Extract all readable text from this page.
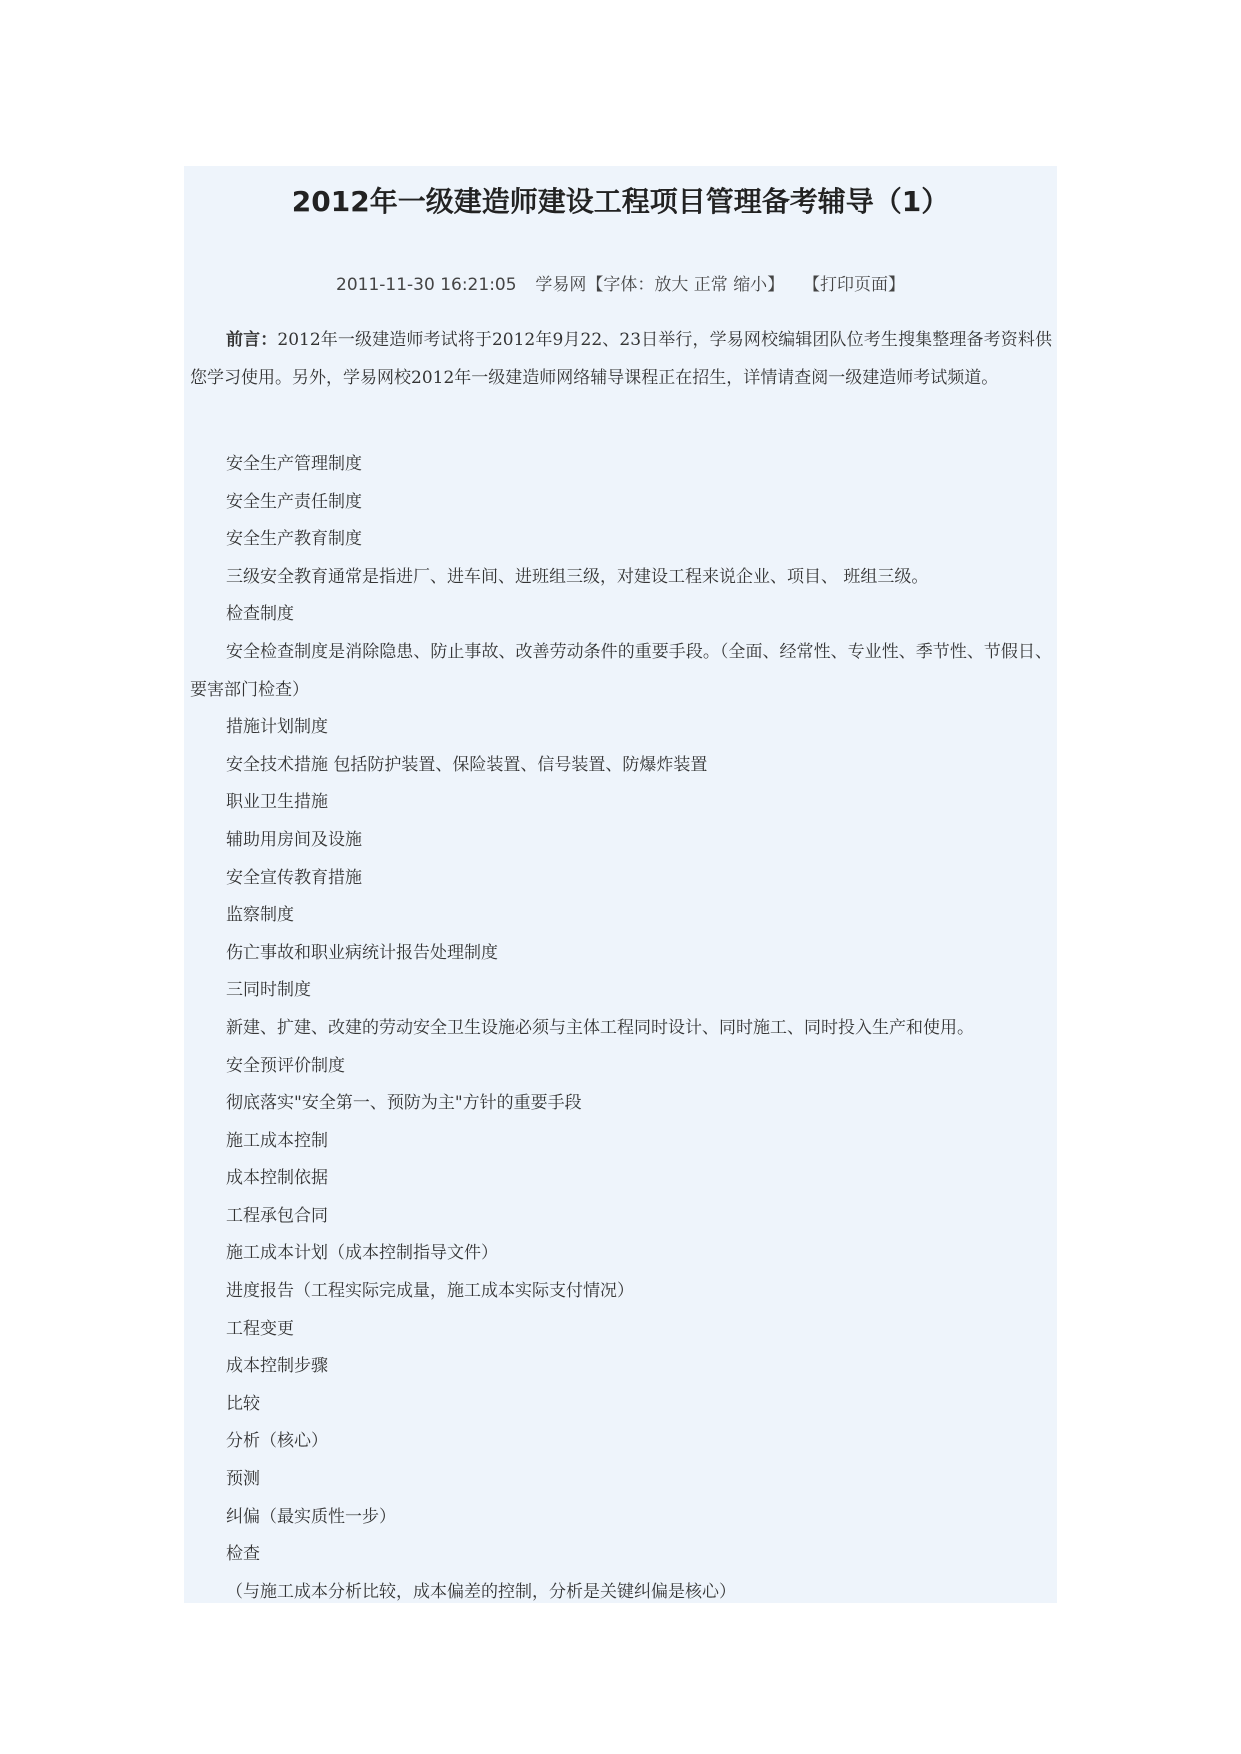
2012年一级建造师建设工程项目管理备考辅导（1）
2011-11-30 16:21:05 学易网【字体：放大 正常 缩小】 【打印页面】

前言：2012年一级建造师考试将于2012年9月22、23日举行，学易网校编辑团队位考生搜集整理备考资料供您学习使用。另外，学易网校2012年一级建造师网络辅导课程正在招生，详情请查阅一级建造师考试频道。

安全生产管理制度
安全生产责任制度
安全生产教育制度
三级安全教育通常是指进厂、进车间、进班组三级，对建设工程来说企业、项目、 班组三级。
检查制度
安全检查制度是消除隐患、防止事故、改善劳动条件的重要手段。（全面、经常性、专业性、季节性、节假日、要害部门检查）
措施计划制度
安全技术措施 包括防护装置、保险装置、信号装置、防爆炸装置
职业卫生措施
辅助用房间及设施
安全宣传教育措施
监察制度
伤亡事故和职业病统计报告处理制度
三同时制度
新建、扩建、改建的劳动安全卫生设施必须与主体工程同时设计、同时施工、同时投入生产和使用。
安全预评价制度
彻底落实"安全第一、预防为主"方针的重要手段
施工成本控制
成本控制依据
工程承包合同
施工成本计划（成本控制指导文件）
进度报告（工程实际完成量，施工成本实际支付情况）
工程变更
成本控制步骤
比较
分析（核心）
预测
纠偏（最实质性一步）
检查
（与施工成本分析比较，成本偏差的控制，分析是关键纠偏是核心）
